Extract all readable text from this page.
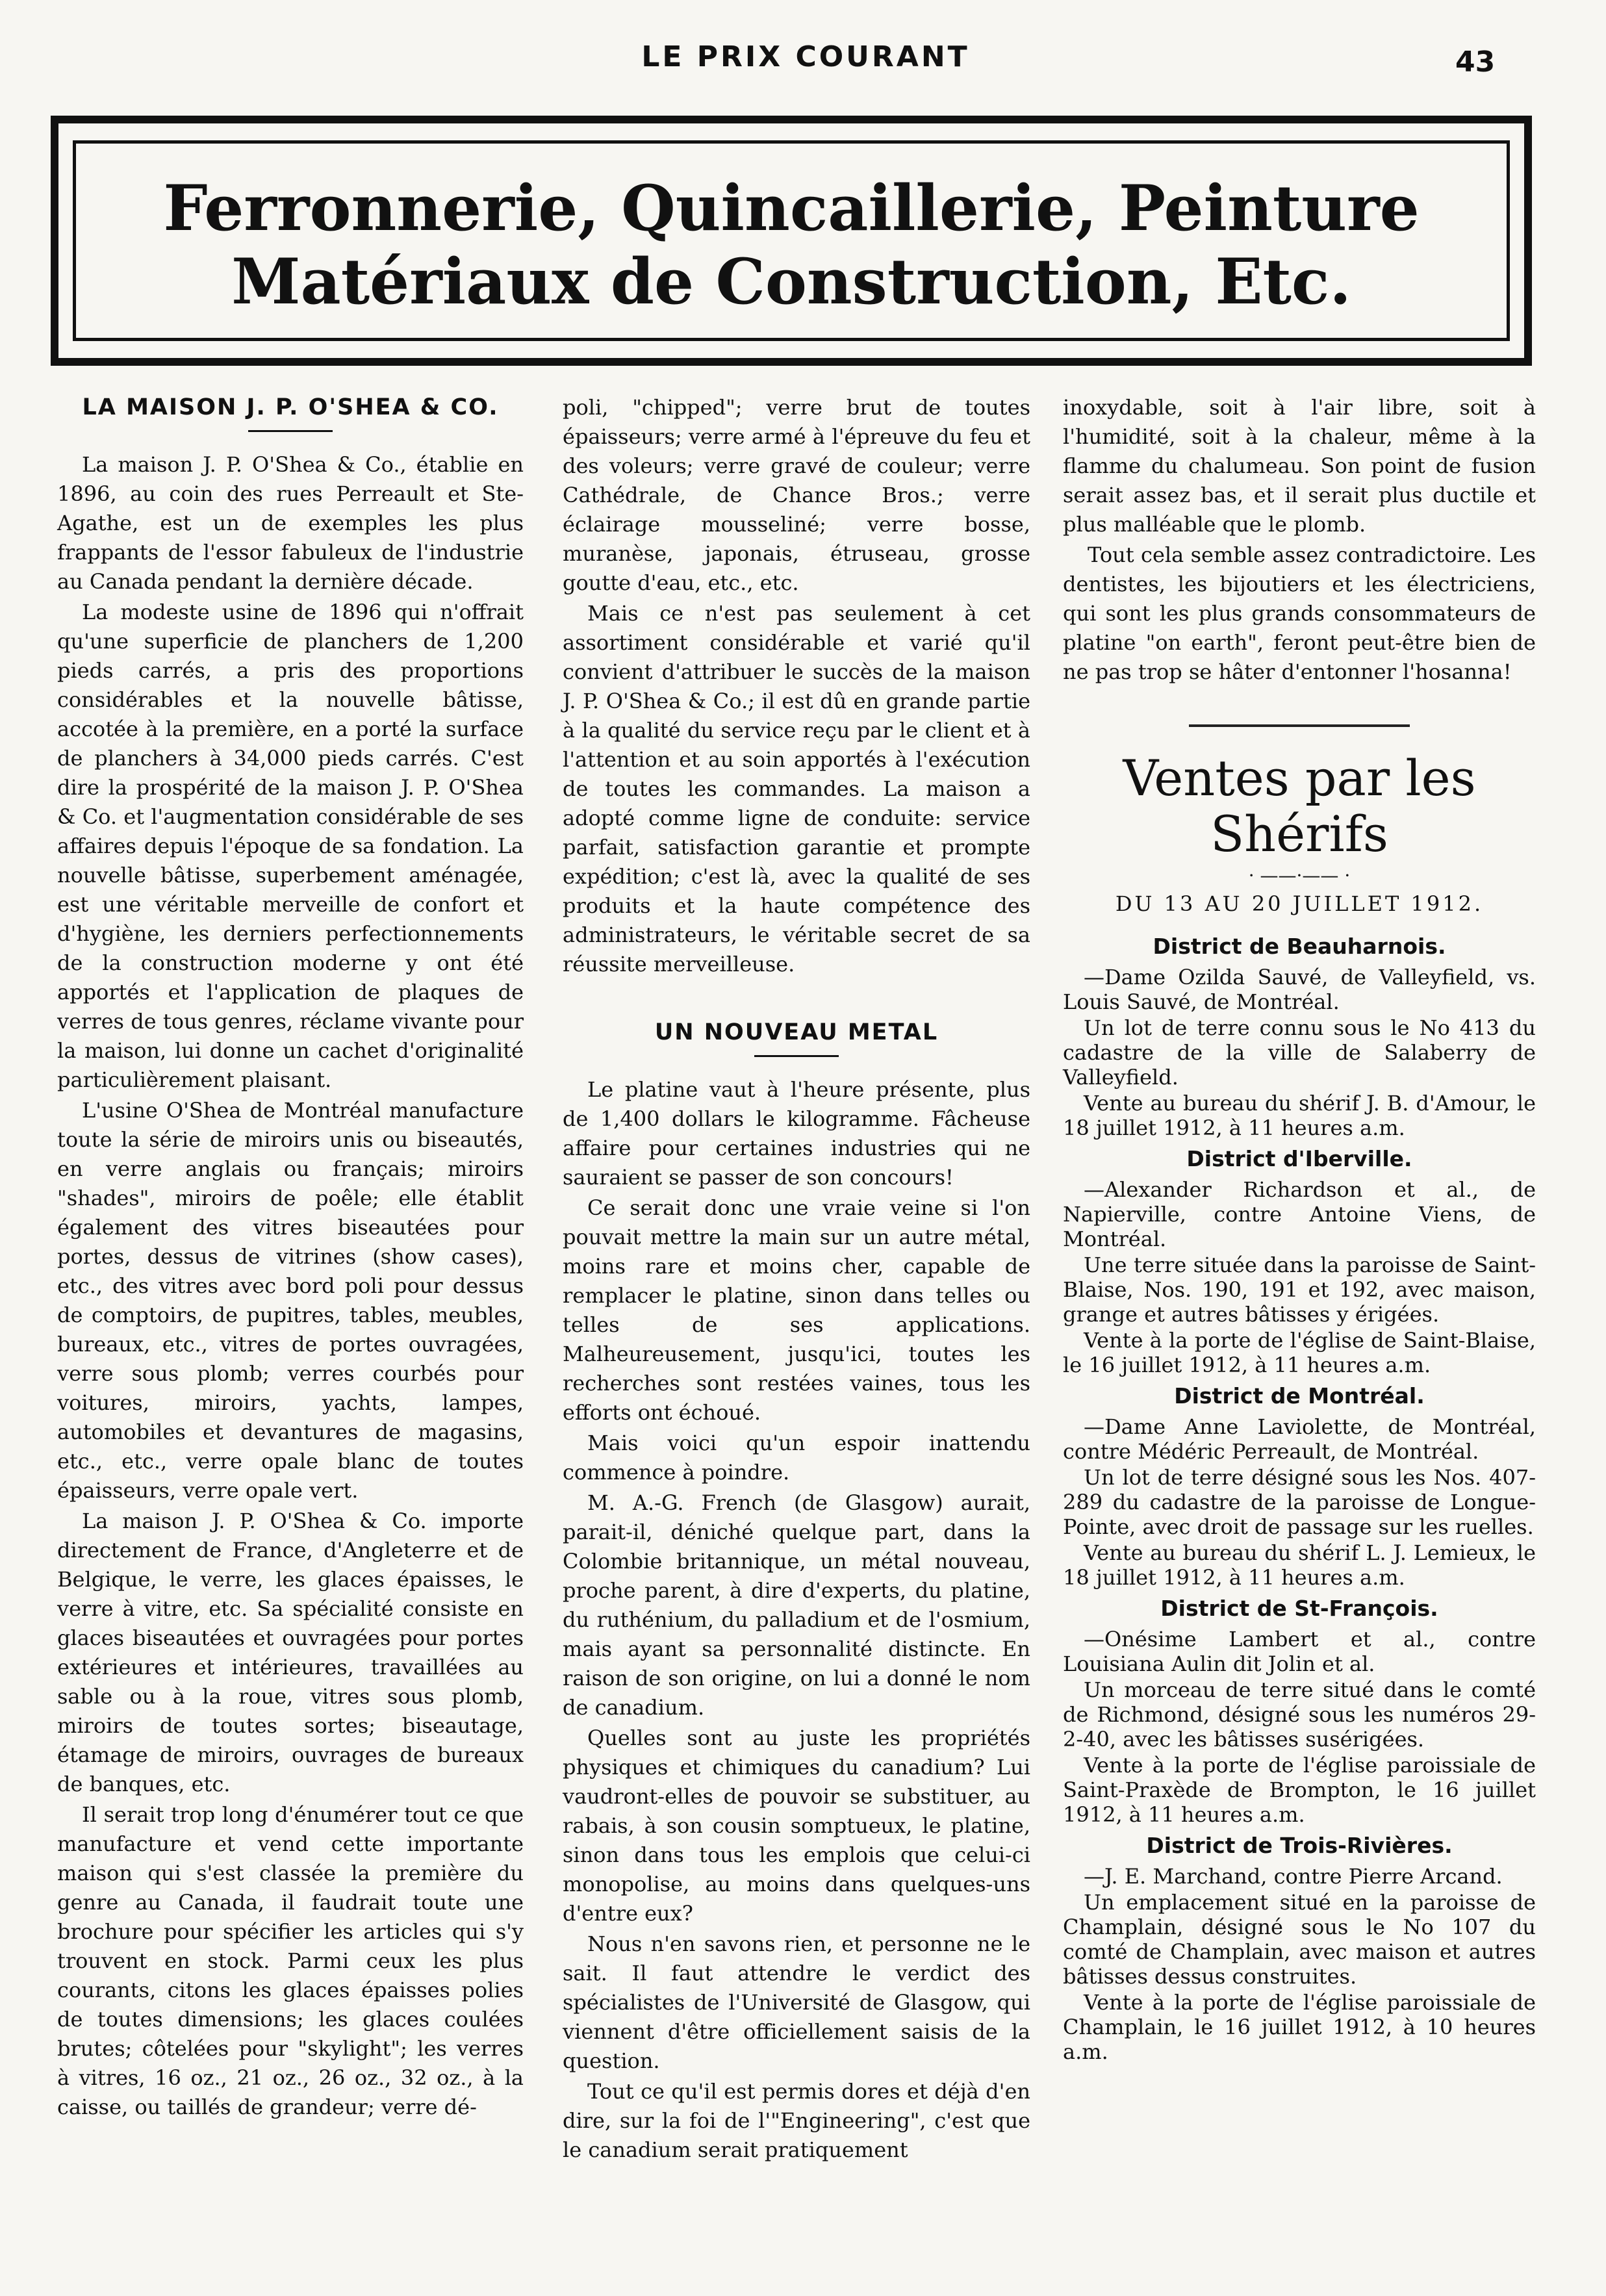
LE PRIX COURANT	43
Ferronnerie, Quincaillerie, Peinture
Matériaux de Construction, Etc.
LA MAISON J. P. O'SHEA & CO.

La maison J. P. O'Shea & Co., établie en 1896, au coin des rues Perreault et Ste-Agathe, est un de exemples les plus frappants de l'essor fabuleux de l'industrie au Canada pendant la dernière décade.

La modeste usine de 1896 qui n'offrait qu'une superficie de planchers de 1,200 pieds carrés, a pris des proportions considérables et la nouvelle bâtisse, accotée à la première, en a porté la surface de planchers à 34,000 pieds carrés. C'est dire la prospérité de la maison J. P. O'Shea & Co. et l'augmentation considérable de ses affaires depuis l'époque de sa fondation. La nouvelle bâtisse, superbement aménagée, est une véritable merveille de confort et d'hygiène, les derniers perfectionnements de la construction moderne y ont été apportés et l'application de plaques de verres de tous genres, réclame vivante pour la maison, lui donne un cachet d'originalité particulièrement plaisant.

L'usine O'Shea de Montréal manufacture toute la série de miroirs unis ou biseautés, en verre anglais ou français; miroirs "shades", miroirs de poêle; elle établit également des vitres biseautées pour portes, dessus de vitrines (show cases), etc., des vitres avec bord poli pour dessus de comptoirs, de pupitres, tables, meubles, bureaux, etc., vitres de portes ouvragées, verre sous plomb; verres courbés pour voitures, miroirs, yachts, lampes, automobiles et devantures de magasins, etc., etc., verre opale blanc de toutes épaisseurs, verre opale vert.

La maison J. P. O'Shea & Co. importe directement de France, d'Angleterre et de Belgique, le verre, les glaces épaisses, le verre à vitre, etc. Sa spécialité consiste en glaces biseautées et ouvragées pour portes extérieures et intérieures, travaillées au sable ou à la roue, vitres sous plomb, miroirs de toutes sortes; biseautage, étamage de miroirs, ouvrages de bureaux de banques, etc.

Il serait trop long d'énumérer tout ce que manufacture et vend cette importante maison qui s'est classée la première du genre au Canada, il faudrait toute une brochure pour spécifier les articles qui s'y trouvent en stock. Parmi ceux les plus courants, citons les glaces épaisses polies de toutes dimensions; les glaces coulées brutes; côtelées pour "skylight"; les verres à vitres, 16 oz., 21 oz., 26 oz., 32 oz., à la caisse, ou taillés de grandeur; verre dé-

poli, "chipped"; verre brut de toutes épaisseurs; verre armé à l'épreuve du feu et des voleurs; verre gravé de couleur; verre Cathédrale, de Chance Bros.; verre éclairage mousseliné; verre bosse, muranèse, japonais, étruseau, grosse goutte d'eau, etc., etc.

Mais ce n'est pas seulement à cet assortiment considérable et varié qu'il convient d'attribuer le succès de la maison J. P. O'Shea & Co.; il est dû en grande partie à la qualité du service reçu par le client et à l'attention et au soin apportés à l'exécution de toutes les commandes. La maison a adopté comme ligne de conduite: service parfait, satisfaction garantie et prompte expédition; c'est là, avec la qualité de ses produits et la haute compétence des administrateurs, le véritable secret de sa réussite merveilleuse.

UN NOUVEAU METAL

Le platine vaut à l'heure présente, plus de 1,400 dollars le kilogramme. Fâcheuse affaire pour certaines industries qui ne sauraient se passer de son concours!

Ce serait donc une vraie veine si l'on pouvait mettre la main sur un autre métal, moins rare et moins cher, capable de remplacer le platine, sinon dans telles ou telles de ses applications. Malheureusement, jusqu'ici, toutes les recherches sont restées vaines, tous les efforts ont échoué.

Mais voici qu'un espoir inattendu commence à poindre.

M. A.-G. French (de Glasgow) aurait, parait-il, déniché quelque part, dans la Colombie britannique, un métal nouveau, proche parent, à dire d'experts, du platine, du ruthénium, du palladium et de l'osmium, mais ayant sa personnalité distincte. En raison de son origine, on lui a donné le nom de canadium.

Quelles sont au juste les propriétés physiques et chimiques du canadium? Lui vaudront-elles de pouvoir se substituer, au rabais, à son cousin somptueux, le platine, sinon dans tous les emplois que celui-ci monopolise, au moins dans quelques-uns d'entre eux?

Nous n'en savons rien, et personne ne le sait. Il faut attendre le verdict des spécialistes de l'Université de Glasgow, qui viennent d'être officiellement saisis de la question.

Tout ce qu'il est permis dores et déjà d'en dire, sur la foi de l'"Engineering", c'est que le canadium serait pratiquement

inoxydable, soit à l'air libre, soit à l'humidité, soit à la chaleur, même à la flamme du chalumeau. Son point de fusion serait assez bas, et il serait plus ductile et plus malléable que le plomb.

Tout cela semble assez contradictoire. Les dentistes, les bijoutiers et les électriciens, qui sont les plus grands consommateurs de platine "on earth", feront peut-être bien de ne pas trop se hâter d'entonner l'hosanna!

Ventes par les Shérifs
· ——·—— ·
DU 13 AU 20 JUILLET 1912.
District de Beauharnois.

—Dame Ozilda Sauvé, de Valleyfield, vs. Louis Sauvé, de Montréal.

Un lot de terre connu sous le No 413 du cadastre de la ville de Salaberry de Valleyfield.

Vente au bureau du shérif J. B. d'Amour, le 18 juillet 1912, à 11 heures a.m.

District d'Iberville.

—Alexander Richardson et al., de Napierville, contre Antoine Viens, de Montréal.

Une terre située dans la paroisse de Saint-Blaise, Nos. 190, 191 et 192, avec maison, grange et autres bâtisses y érigées.

Vente à la porte de l'église de Saint-Blaise, le 16 juillet 1912, à 11 heures a.m.

District de Montréal.

—Dame Anne Laviolette, de Montréal, contre Médéric Perreault, de Montréal.

Un lot de terre désigné sous les Nos. 407-289 du cadastre de la paroisse de Longue-Pointe, avec droit de passage sur les ruelles.

Vente au bureau du shérif L. J. Lemieux, le 18 juillet 1912, à 11 heures a.m.

District de St-François.

—Onésime Lambert et al., contre Louisiana Aulin dit Jolin et al.

Un morceau de terre situé dans le comté de Richmond, désigné sous les numéros 29-2-40, avec les bâtisses susérigées.

Vente à la porte de l'église paroissiale de Saint-Praxède de Brompton, le 16 juillet 1912, à 11 heures a.m.

District de Trois-Rivières.

—J. E. Marchand, contre Pierre Arcand.

Un emplacement situé en la paroisse de Champlain, désigné sous le No 107 du comté de Champlain, avec maison et autres bâtisses dessus construites.

Vente à la porte de l'église paroissiale de Champlain, le 16 juillet 1912, à 10 heures a.m.
